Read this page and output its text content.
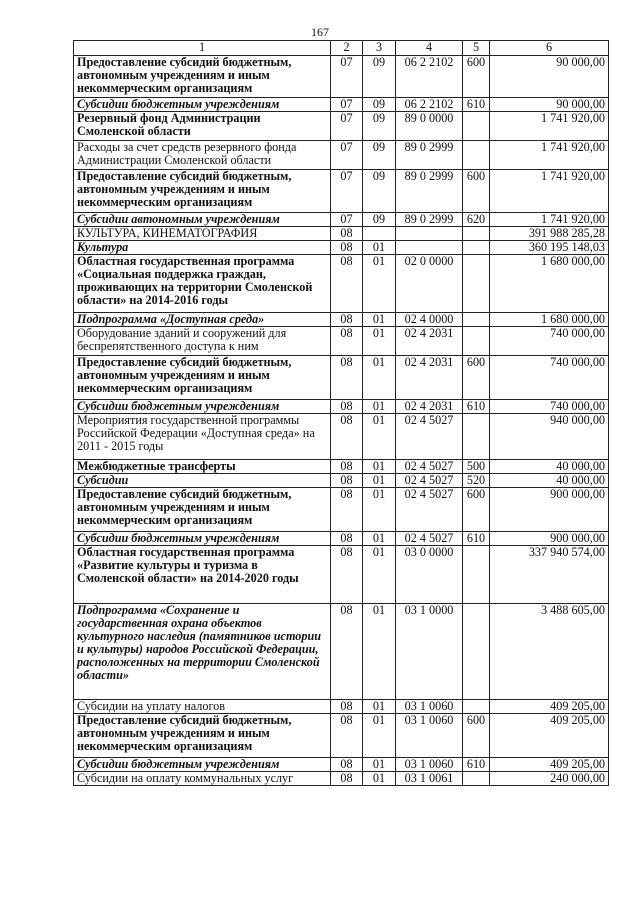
167
1	2	3	4	5	6
Предоставление субсидий бюджетным, автономным учреждениям и иным некоммерческим организациям	07	09	06 2 2102	600	90 000,00
Субсидии бюджетным учреждениям	07	09	06 2 2102	610	90 000,00
Резервный фонд Администрации Смоленской области	07	09	89 0 0000		1 741 920,00
Расходы за счет средств резервного фонда Администрации Смоленской области	07	09	89 0 2999		1 741 920,00
Предоставление субсидий бюджетным, автономным учреждениям и иным некоммерческим организациям	07	09	89 0 2999	600	1 741 920,00
Субсидии автономным учреждениям	07	09	89 0 2999	620	1 741 920,00
КУЛЬТУРА, КИНЕМАТОГРАФИЯ	08				391 988 285,28
Культура	08	01			360 195 148,03
Областная государственная программа «Социальная поддержка граждан, проживающих на территории Смоленской области» на 2014-2016 годы	08	01	02 0 0000		1 680 000,00
Подпрограмма «Доступная среда»	08	01	02 4 0000		1 680 000,00
Оборудование зданий и сооружений для беспрепятственного доступа к ним	08	01	02 4 2031		740 000,00
Предоставление субсидий бюджетным, автономным учреждениям и иным некоммерческим организациям	08	01	02 4 2031	600	740 000,00
Субсидии бюджетным учреждениям	08	01	02 4 2031	610	740 000,00
Мероприятия государственной программы Российской Федерации «Доступная среда» на 2011 - 2015 годы	08	01	02 4 5027		940 000,00
Межбюджетные трансферты	08	01	02 4 5027	500	40 000,00
Субсидии	08	01	02 4 5027	520	40 000,00
Предоставление субсидий бюджетным, автономным учреждениям и иным некоммерческим организациям	08	01	02 4 5027	600	900 000,00
Субсидии бюджетным учреждениям	08	01	02 4 5027	610	900 000,00
Областная государственная программа «Развитие культуры и туризма в Смоленской области» на 2014-2020 годы	08	01	03 0 0000		337 940 574,00
Подпрограмма «Сохранение и государственная охрана объектов культурного наследия (памятников истории и культуры) народов Российской Федерации, расположенных на территории Смоленской области»	08	01	03 1 0000		3 488 605,00
Субсидии на уплату налогов	08	01	03 1 0060		409 205,00
Предоставление субсидий бюджетным, автономным учреждениям и иным некоммерческим организациям	08	01	03 1 0060	600	409 205,00
Субсидии бюджетным учреждениям	08	01	03 1 0060	610	409 205,00
Субсидии на оплату коммунальных услуг	08	01	03 1 0061		240 000,00
